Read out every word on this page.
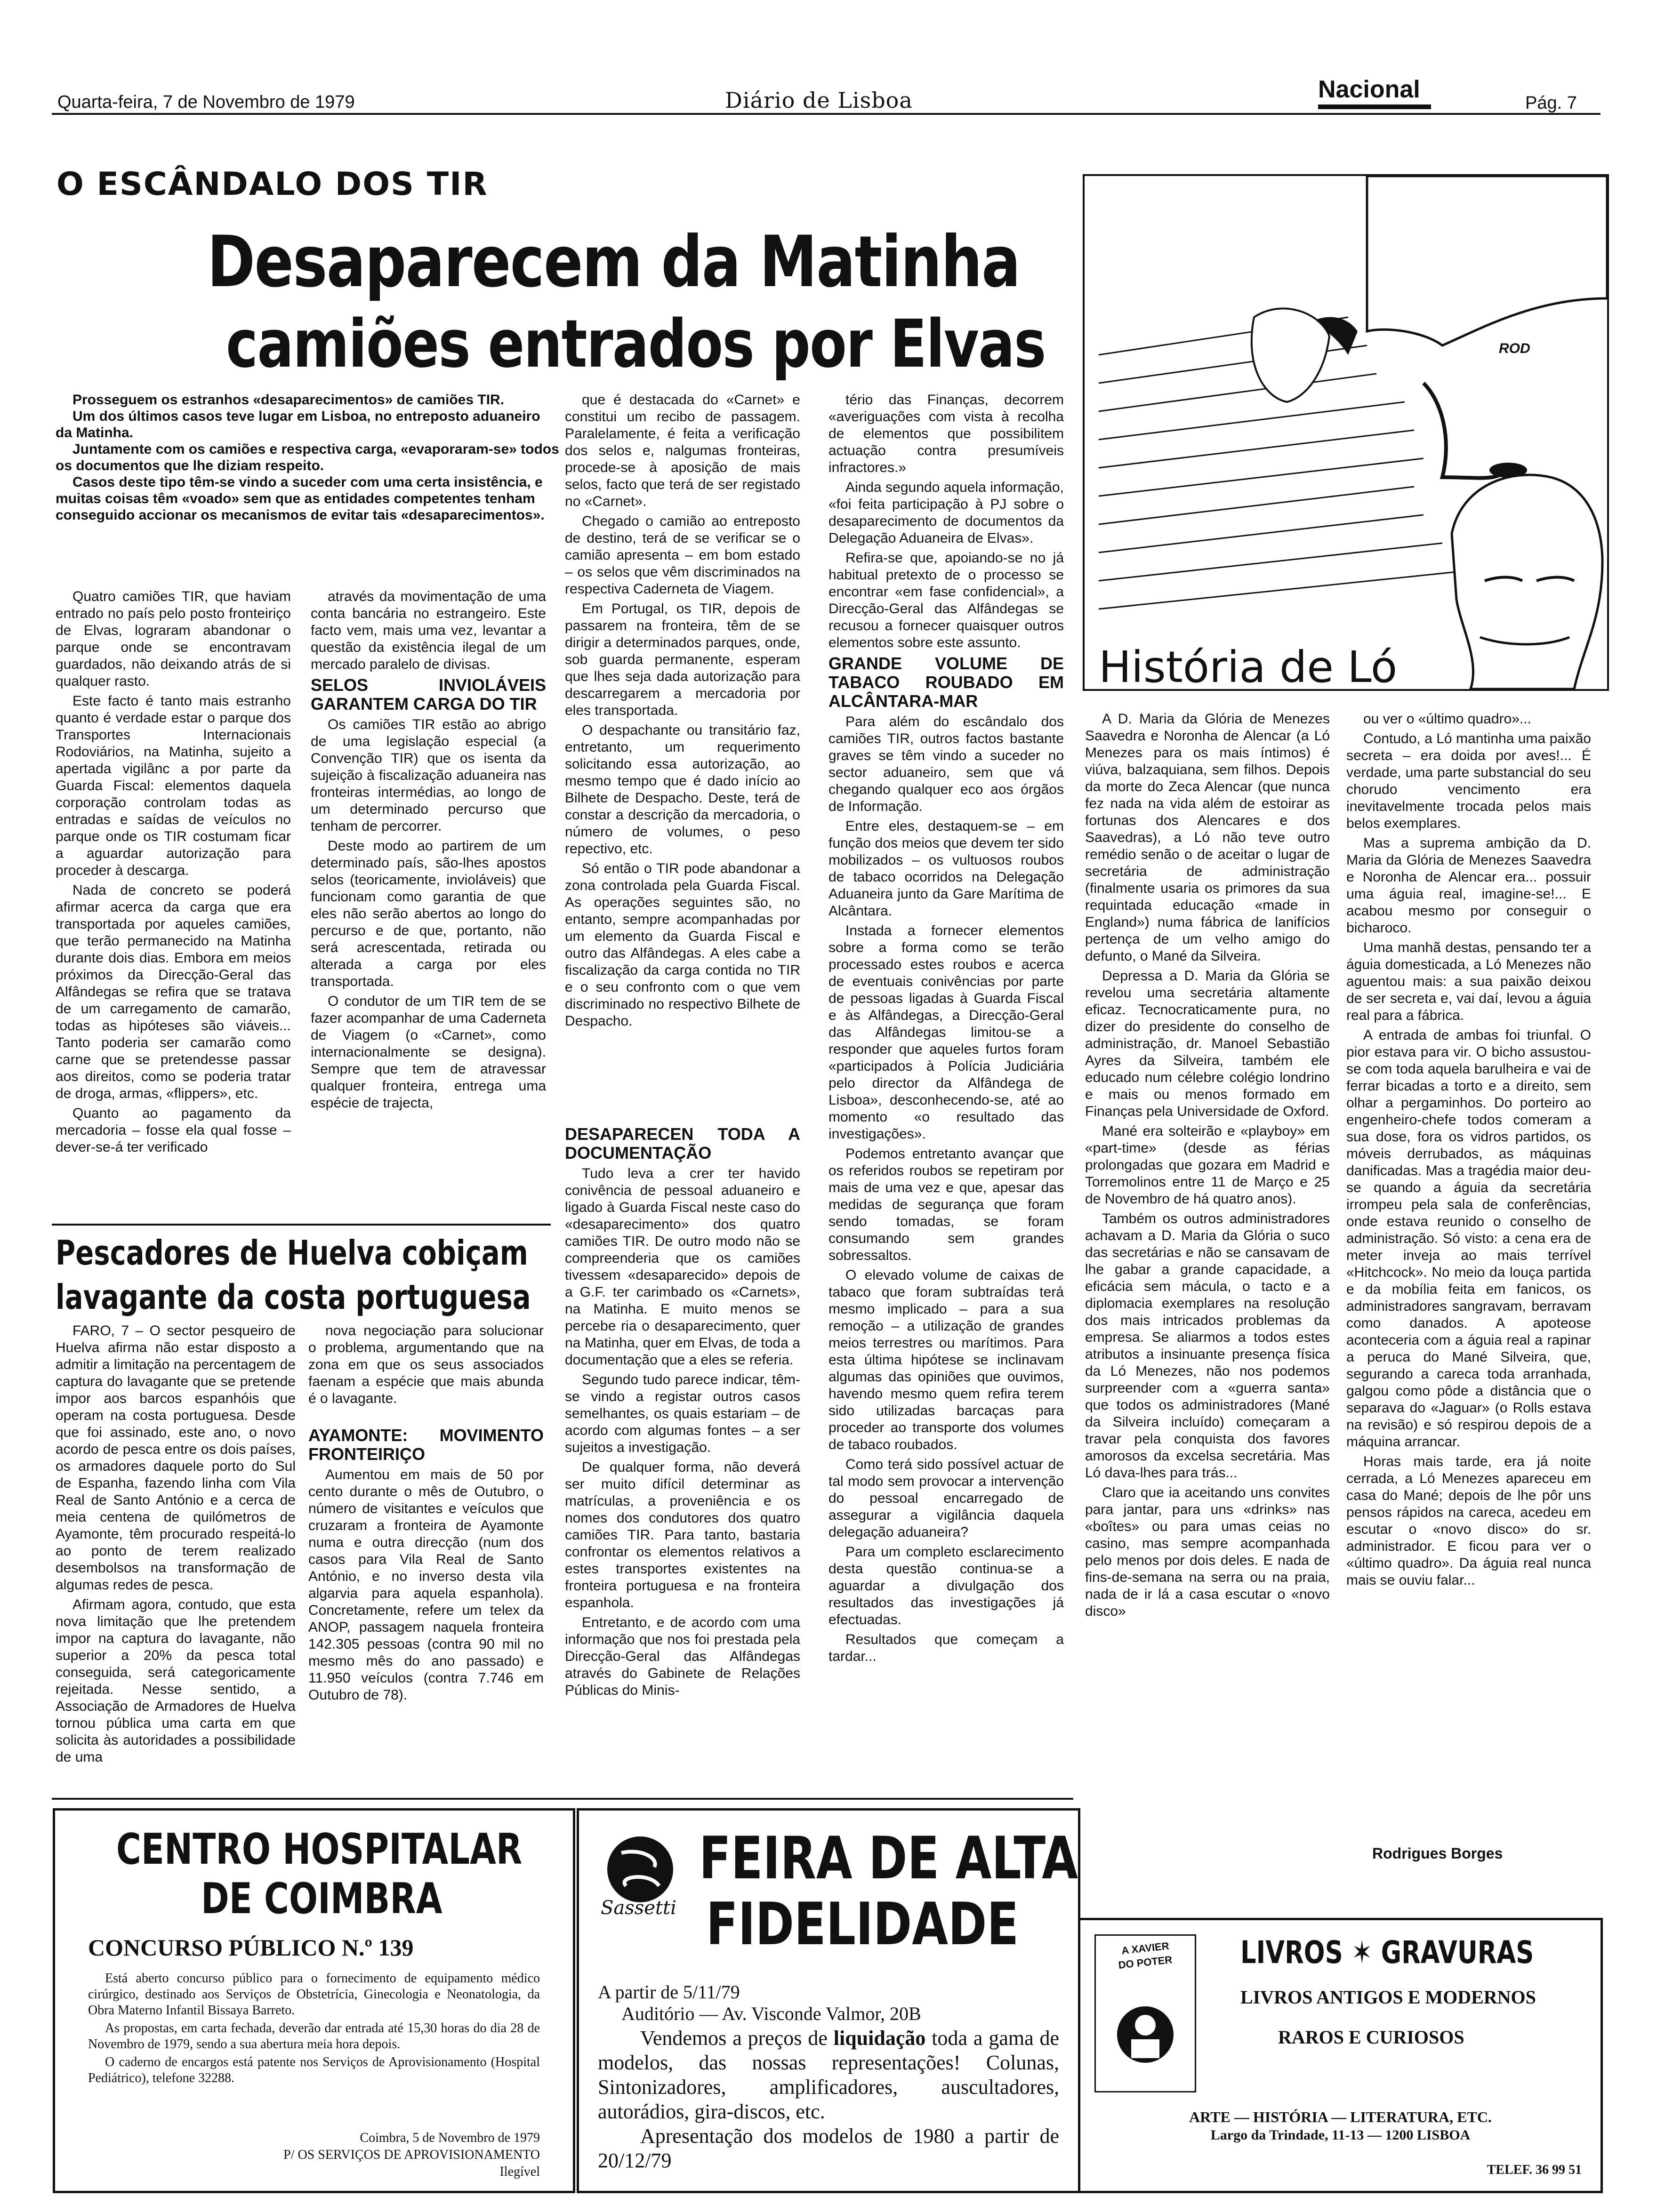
Quarta-feira, 7 de Novembro de 1979	Diário de Lisboa	Nacional	Pág. 7
O ESCÂNDALO DOS TIR
Desaparecem da Matinha
camiões entrados por Elvas

Prosseguem os estranhos «desaparecimentos» de camiões TIR.

Um dos últimos casos teve lugar em Lisboa, no entreposto aduaneiro da Matinha.

Juntamente com os camiões e respectiva carga, «evaporaram-se» todos os documentos que lhe diziam respeito.

Casos deste tipo têm-se vindo a suceder com uma certa insistência, e muitas coisas têm «voado» sem que as entidades competentes tenham conseguido accionar os mecanismos de evitar tais «desaparecimentos».

Quatro camiões TIR, que haviam entrado no país pelo posto fronteiriço de Elvas, lograram abandonar o parque onde se encontravam guardados, não deixando atrás de si qualquer rasto.

Este facto é tanto mais estranho quanto é verdade estar o parque dos Transportes Internacionais Rodoviários, na Matinha, sujeito a apertada vigilânc a por parte da Guarda Fiscal: elementos daquela corporação controlam todas as entradas e saídas de veículos no parque onde os TIR costumam ficar a aguardar autorização para proceder à descarga.

Nada de concreto se poderá afirmar acerca da carga que era transportada por aqueles camiões, que terão permanecido na Matinha durante dois dias. Embora em meios próximos da Direcção-Geral das Alfândegas se refira que se tratava de um carregamento de camarão, todas as hipóteses são viáveis... Tanto poderia ser camarão como carne que se pretendesse passar aos direitos, como se poderia tratar de droga, armas, «flippers», etc.

Quanto ao pagamento da mercadoria – fosse ela qual fosse – dever-se-á ter verificado

através da movimentação de uma conta bancária no estrangeiro. Este facto vem, mais uma vez, levantar a questão da existência ilegal de um mercado paralelo de divisas.

SELOS INVIOLÁVEIS GARANTEM CARGA DO TIR

Os camiões TIR estão ao abrigo de uma legislação especial (a Convenção TIR) que os isenta da sujeição à fiscalização aduaneira nas fronteiras intermédias, ao longo de um determinado percurso que tenham de percorrer.

Deste modo ao partirem de um determinado país, são-lhes apostos selos (teoricamente, invioláveis) que funcionam como garantia de que eles não serão abertos ao longo do percurso e de que, portanto, não será acrescentada, retirada ou alterada a carga por eles transportada.

O condutor de um TIR tem de se fazer acompanhar de uma Caderneta de Viagem (o «Carnet», como internacionalmente se designa). Sempre que tem de atravessar qualquer fronteira, entrega uma espécie de trajecta,

que é destacada do «Carnet» e constitui um recibo de passagem. Paralelamente, é feita a verificação dos selos e, nalgumas fronteiras, procede-se à aposição de mais selos, facto que terá de ser registado no «Carnet».

Chegado o camião ao entreposto de destino, terá de se verificar se o camião apresenta – em bom estado – os selos que vêm discriminados na respectiva Caderneta de Viagem.

Em Portugal, os TIR, depois de passarem na fronteira, têm de se dirigir a determinados parques, onde, sob guarda permanente, esperam que lhes seja dada autorização para descarregarem a mercadoria por eles transportada.

O despachante ou transitário faz, entretanto, um requerimento solicitando essa autorização, ao mesmo tempo que é dado início ao Bilhete de Despacho. Deste, terá de constar a descrição da mercadoria, o número de volumes, o peso repectivo, etc.

Só então o TIR pode abandonar a zona controlada pela Guarda Fiscal. As operações seguintes são, no entanto, sempre acompanhadas por um elemento da Guarda Fiscal e outro das Alfândegas. A eles cabe a fiscalização da carga contida no TIR e o seu confronto com o que vem discriminado no respectivo Bilhete de Despacho.

DESAPARECEN TODA A DOCUMENTAÇÃO

Tudo leva a crer ter havido conivência de pessoal aduaneiro e ligado à Guarda Fiscal neste caso do «desaparecimento» dos quatro camiões TIR. De outro modo não se compreenderia que os camiões tivessem «desaparecido» depois de a G.F. ter carimbado os «Carnets», na Matinha. E muito menos se percebe ria o desaparecimento, quer na Matinha, quer em Elvas, de toda a documentação que a eles se referia.

Segundo tudo parece indicar, têm-se vindo a registar outros casos semelhantes, os quais estariam – de acordo com algumas fontes – a ser sujeitos a investigação.

De qualquer forma, não deverá ser muito difícil determinar as matrículas, a proveniência e os nomes dos condutores dos quatro camiões TIR. Para tanto, bastaria confrontar os elementos relativos a estes transportes existentes na fronteira portuguesa e na fronteira espanhola.

Entretanto, e de acordo com uma informação que nos foi prestada pela Direcção-Geral das Alfândegas através do Gabinete de Relações Públicas do Minis-

tério das Finanças, decorrem «averiguações com vista à recolha de elementos que possibilitem actuação contra presumíveis infractores.»

Ainda segundo aquela informação, «foi feita participação à PJ sobre o desaparecimento de documentos da Delegação Aduaneira de Elvas».

Refira-se que, apoiando-se no já habitual pretexto de o processo se encontrar «em fase confidencial», a Direcção-Geral das Alfândegas se recusou a fornecer quaisquer outros elementos sobre este assunto.

GRANDE VOLUME DE TABACO ROUBADO EM ALCÂNTARA-MAR

Para além do escândalo dos camiões TIR, outros factos bastante graves se têm vindo a suceder no sector aduaneiro, sem que vá chegando qualquer eco aos órgãos de Informação.

Entre eles, destaquem-se – em função dos meios que devem ter sido mobilizados – os vultuosos roubos de tabaco ocorridos na Delegação Aduaneira junto da Gare Marítima de Alcântara.

Instada a fornecer elementos sobre a forma como se terão processado estes roubos e acerca de eventuais conivências por parte de pessoas ligadas à Guarda Fiscal e às Alfândegas, a Direcção-Geral das Alfândegas limitou-se a responder que aqueles furtos foram «participados à Polícia Judiciária pelo director da Alfândega de Lisboa», desconhecendo-se, até ao momento «o resultado das investigações».

Podemos entretanto avançar que os referidos roubos se repetiram por mais de uma vez e que, apesar das medidas de segurança que foram sendo tomadas, se foram consumando sem grandes sobressaltos.

O elevado volume de caixas de tabaco que foram subtraídas terá mesmo implicado – para a sua remoção – a utilização de grandes meios terrestres ou marítimos. Para esta última hipótese se inclinavam algumas das opiniões que ouvimos, havendo mesmo quem refira terem sido utilizadas barcaças para proceder ao transporte dos volumes de tabaco roubados.

Como terá sido possível actuar de tal modo sem provocar a intervenção do pessoal encarregado de assegurar a vigilância daquela delegação aduaneira?

Para um completo esclarecimento desta questão continua-se a aguardar a divulgação dos resultados das investigações já efectuadas.

Resultados que começam a tardar...

Pescadores de Huelva cobiçam
lavagante da costa portuguesa

FARO, 7 – O sector pesqueiro de Huelva afirma não estar disposto a admitir a limitação na percentagem de captura do lavagante que se pretende impor aos barcos espanhóis que operam na costa portuguesa. Desde que foi assinado, este ano, o novo acordo de pesca entre os dois países, os armadores daquele porto do Sul de Espanha, fazendo linha com Vila Real de Santo António e a cerca de meia centena de quilómetros de Ayamonte, têm procurado respeitá-lo ao ponto de terem realizado desembolsos na transformação de algumas redes de pesca.

Afirmam agora, contudo, que esta nova limitação que lhe pretendem impor na captura do lavagante, não superior a 20% da pesca total conseguida, será categoricamente rejeitada. Nesse sentido, a Associação de Armadores de Huelva tornou pública uma carta em que solicita às autoridades a possibilidade de uma

nova negociação para solucionar o problema, argumentando que na zona em que os seus associados faenam a espécie que mais abunda é o lavagante.

AYAMONTE: MOVIMENTO FRONTEIRIÇO

Aumentou em mais de 50 por cento durante o mês de Outubro, o número de visitantes e veículos que cruzaram a fronteira de Ayamonte numa e outra direcção (num dos casos para Vila Real de Santo António, e no inverso desta vila algarvia para aquela espanhola). Concretamente, refere um telex da ANOP, passagem naquela fronteira 142.305 pessoas (contra 90 mil no mesmo mês do ano passado) e 11.950 veículos (contra 7.746 em Outubro de 78).

ROD
História de Ló

A D. Maria da Glória de Menezes Saavedra e Noronha de Alencar (a Ló Menezes para os mais íntimos) é viúva, balzaquiana, sem filhos. Depois da morte do Zeca Alencar (que nunca fez nada na vida além de estoirar as fortunas dos Alencares e dos Saavedras), a Ló não teve outro remédio senão o de aceitar o lugar de secretária de administração (finalmente usaria os primores da sua requintada educação «made in England») numa fábrica de lanifícios pertença de um velho amigo do defunto, o Mané da Silveira.

Depressa a D. Maria da Glória se revelou uma secretária altamente eficaz. Tecnocraticamente pura, no dizer do presidente do conselho de administração, dr. Manoel Sebastião Ayres da Silveira, também ele educado num célebre colégio londrino e mais ou menos formado em Finanças pela Universidade de Oxford.

Mané era solteirão e «playboy» em «part-time» (desde as férias prolongadas que gozara em Madrid e Torremolinos entre 11 de Março e 25 de Novembro de há quatro anos).

Também os outros administradores achavam a D. Maria da Glória o suco das secretárias e não se cansavam de lhe gabar a grande capacidade, a eficácia sem mácula, o tacto e a diplomacia exemplares na resolução dos mais intricados problemas da empresa. Se aliarmos a todos estes atributos a insinuante presença física da Ló Menezes, não nos podemos surpreender com a «guerra santa» que todos os administradores (Mané da Silveira incluído) começaram a travar pela conquista dos favores amorosos da excelsa secretária. Mas Ló dava-lhes para trás...

Claro que ia aceitando uns convites para jantar, para uns «drinks» nas «boîtes» ou para umas ceias no casino, mas sempre acompanhada pelo menos por dois deles. E nada de fins-de-semana na serra ou na praia, nada de ir lá a casa escutar o «novo disco»

ou ver o «último quadro»...

Contudo, a Ló mantinha uma paixão secreta – era doida por aves!... É verdade, uma parte substancial do seu chorudo vencimento era inevitavelmente trocada pelos mais belos exemplares.

Mas a suprema ambição da D. Maria da Glória de Menezes Saavedra e Noronha de Alencar era... possuir uma águia real, imagine-se!... E acabou mesmo por conseguir o bicharoco.

Uma manhã destas, pensando ter a águia domesticada, a Ló Menezes não aguentou mais: a sua paixão deixou de ser secreta e, vai daí, levou a águia real para a fábrica.

A entrada de ambas foi triunfal. O pior estava para vir. O bicho assustou-se com toda aquela barulheira e vai de ferrar bicadas a torto e a direito, sem olhar a pergaminhos. Do porteiro ao engenheiro-chefe todos comeram a sua dose, fora os vidros partidos, os móveis derrubados, as máquinas danificadas. Mas a tragédia maior deu-se quando a águia da secretária irrompeu pela sala de conferências, onde estava reunido o conselho de administração. Só visto: a cena era de meter inveja ao mais terrível «Hitchcock». No meio da louça partida e da mobília feita em fanicos, os administradores sangravam, berravam como danados. A apoteose aconteceria com a águia real a rapinar a peruca do Mané Silveira, que, segurando a careca toda arranhada, galgou como pôde a distância que o separava do «Jaguar» (o Rolls estava na revisão) e só respirou depois de a máquina arrancar.

Horas mais tarde, era já noite cerrada, a Ló Menezes apareceu em casa do Mané; depois de lhe pôr uns pensos rápidos na careca, acedeu em escutar o «novo disco» do sr. administrador. E ficou para ver o «último quadro». Da águia real nunca mais se ouviu falar...

Rodrigues Borges
CENTRO HOSPITALAR
DE COIMBRA
CONCURSO PÚBLICO N.º 139

Está aberto concurso público para o fornecimento de equipamento médico cirúrgico, destinado aos Serviços de Obstetrícia, Ginecologia e Neonatologia, da Obra Materno Infantil Bissaya Barreto.

As propostas, em carta fechada, deverão dar entrada até 15,30 horas do dia 28 de Novembro de 1979, sendo a sua abertura meia hora depois.

O caderno de encargos está patente nos Serviços de Aprovisionamento (Hospital Pediátrico), telefone 32288.

Coimbra, 5 de Novembro de 1979
P/ OS SERVIÇOS DE APROVISIONAMENTO
Ilegível
Sassetti
FEIRA DE ALTA
FIDELIDADE
A partir de 5/11/79
Auditório — Av. Visconde Valmor, 20B
Vendemos a preços de liquidação toda a gama de modelos, das nossas representações! Colunas, Sintonizadores, amplificadores, auscultadores, autorádios, gira-discos, etc.
Apresentação dos modelos de 1980 a partir de 20/12/79
A XAVIER
DO POTER	LIVROS ✶ GRAVURAS
LIVROS ANTIGOS E MODERNOS
RAROS E CURIOSOS
ARTE — HISTÓRIA — LITERATURA, ETC.
Largo da Trindade, 11-13 — 1200 LISBOA
TELEF. 36 99 51
